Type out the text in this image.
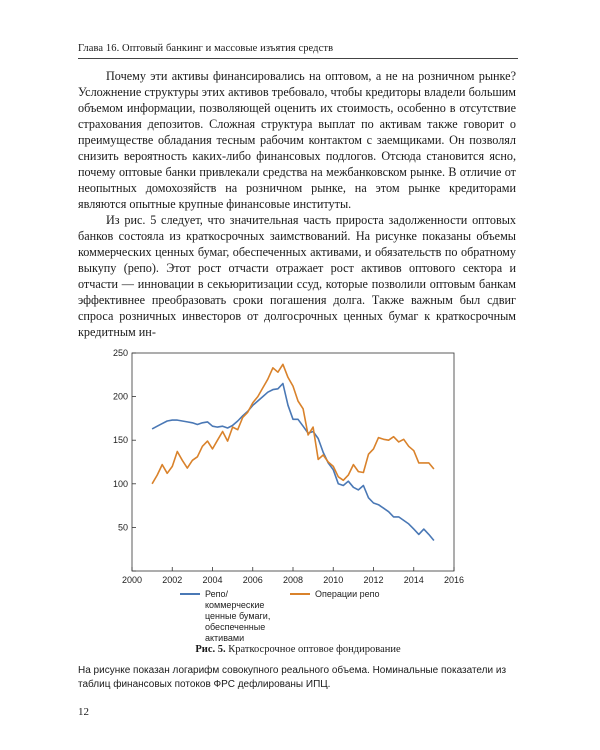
Глава 16. Оптовый банкинг и массовые изъятия средств

Почему эти активы финансировались на оптовом, а не на розничном рынке? Усложнение структуры этих активов требовало, чтобы кредиторы владели большим объемом информации, позволяющей оценить их стоимость, особенно в отсутствие страхования депозитов. Сложная структура выплат по активам также говорит о преимуществе обладания тесным рабочим контактом с заемщиками. Он позволял снизить вероятность каких-либо финансовых подлогов. Отсюда становится ясно, почему оптовые банки привлекали средства на межбанковском рынке. В отличие от неопытных домохозяйств на розничном рынке, на этом рынке кредиторами являются опытные крупные финансовые институты.

Из рис. 5 следует, что значительная часть прироста задолженности оптовых банков состояла из краткосрочных заимствований. На рисунке показаны объемы коммерческих ценных бумаг, обеспеченных активами, и обязательств по обратному выкупу (репо). Этот рост отчасти отражает рост активов оптового сектора и отчасти — инновации в секьюритизации ссуд, которые позволили оптовым банкам эффективнее преобразовать сроки погашения долга. Также важным был сдвиг спроса розничных инвесторов от долгосрочных ценных бумаг к краткосрочным кредитным ин-

2000 2002 2004 2006 2008 2010 2012 2014 2016
50
100
150
200
250
Репо/
коммерческие
ценные бумаги,
обеспеченные
активами
Операции репо
Рис. 5. Краткосрочное оптовое фондирование
На рисунке показан логарифм совокупного реального объема. Номинальные показатели из таблиц финансовых потоков ФРС дефлированы ИПЦ.
12
